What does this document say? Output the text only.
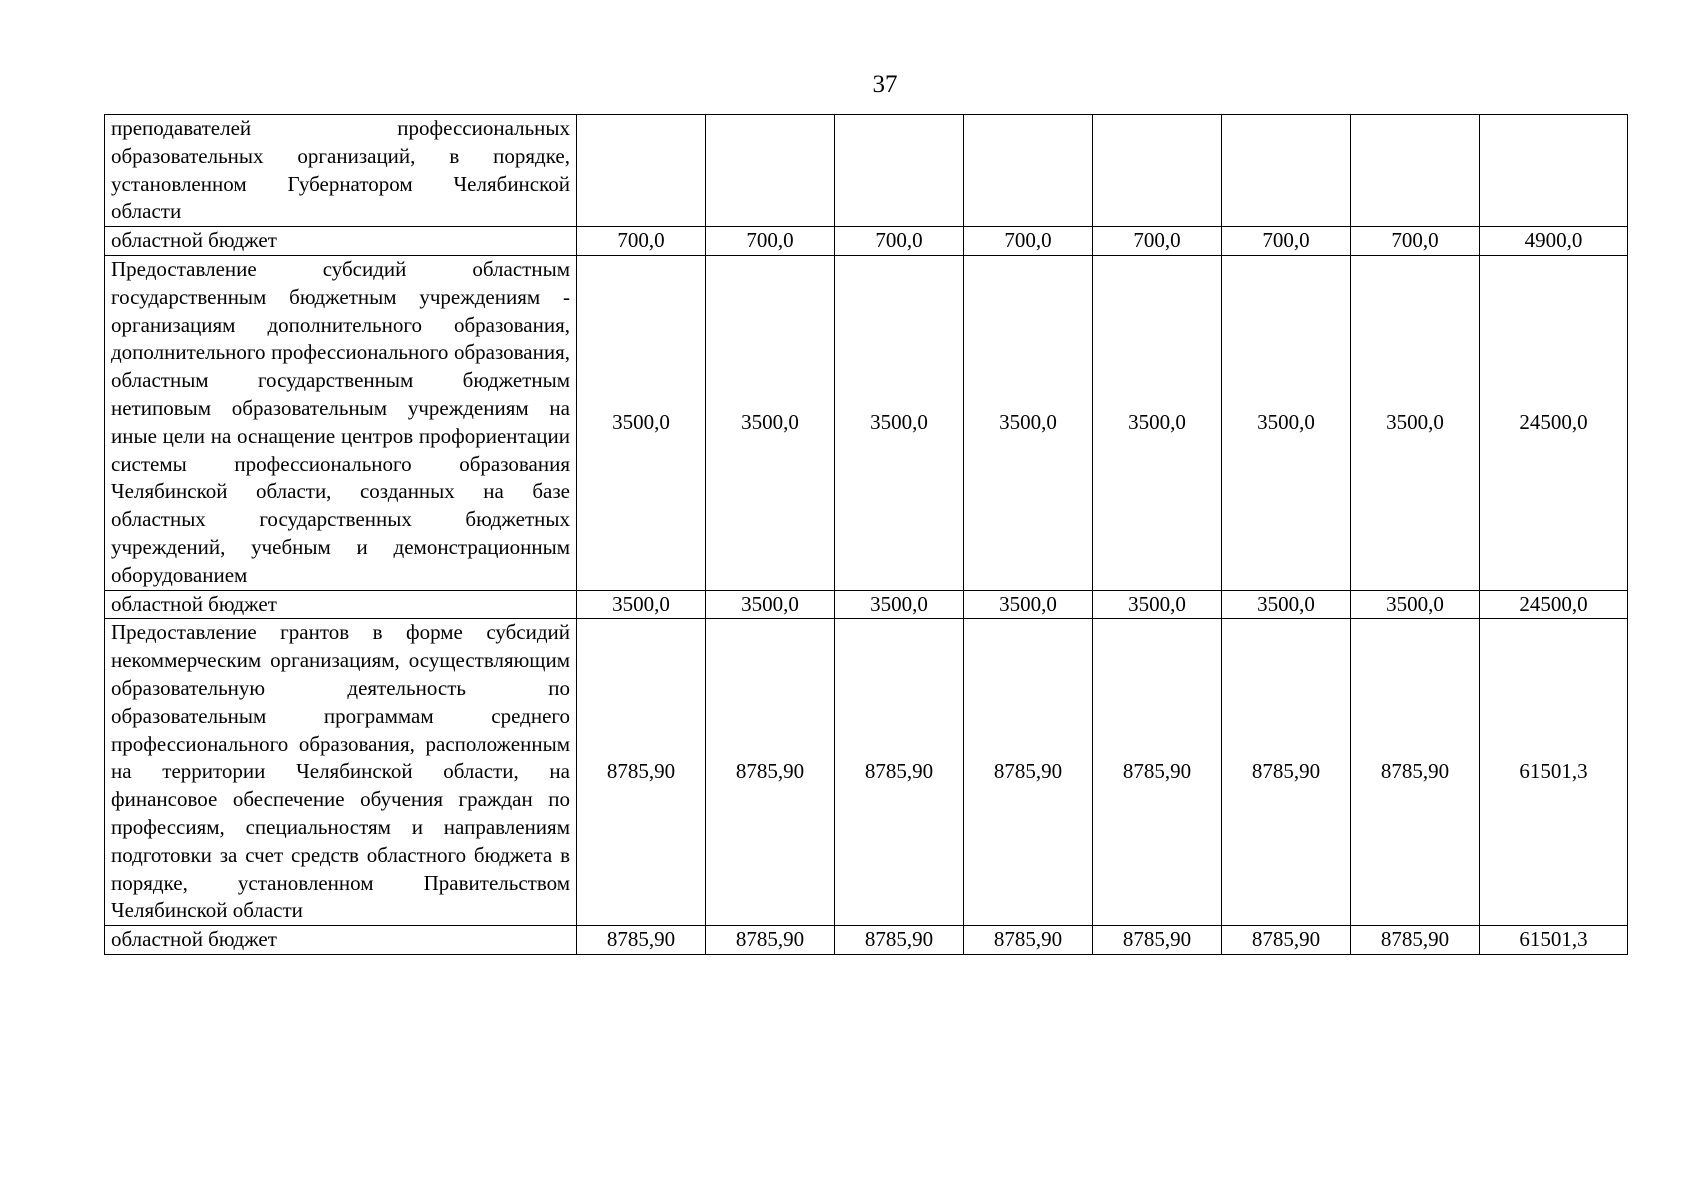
37
преподавателей профессиональных образовательных организаций, в порядке, установленном Губернатором Челябинской области								
областной бюджет	700,0	700,0	700,0	700,0	700,0	700,0	700,0	4900,0
Предоставление субсидий областным государственным бюджетным учреждениям - организациям дополнительного образования, дополнительного профессионального образования, областным государственным бюджетным нетиповым образовательным учреждениям на иные цели на оснащение центров профориентации системы профессионального образования Челябинской области, созданных на базе областных государственных бюджетных учреждений, учебным и демонстрационным оборудованием	3500,0	3500,0	3500,0	3500,0	3500,0	3500,0	3500,0	24500,0
областной бюджет	3500,0	3500,0	3500,0	3500,0	3500,0	3500,0	3500,0	24500,0
Предоставление грантов в форме субсидий некоммерческим организациям, осуществляющим образовательную деятельность по образовательным программам среднего профессионального образования, расположенным на территории Челябинской области, на финансовое обеспечение обучения граждан по профессиям, специальностям и направлениям подготовки за счет средств областного бюджета в порядке, установленном Правительством Челябинской области	8785,90	8785,90	8785,90	8785,90	8785,90	8785,90	8785,90	61501,3
областной бюджет	8785,90	8785,90	8785,90	8785,90	8785,90	8785,90	8785,90	61501,3
